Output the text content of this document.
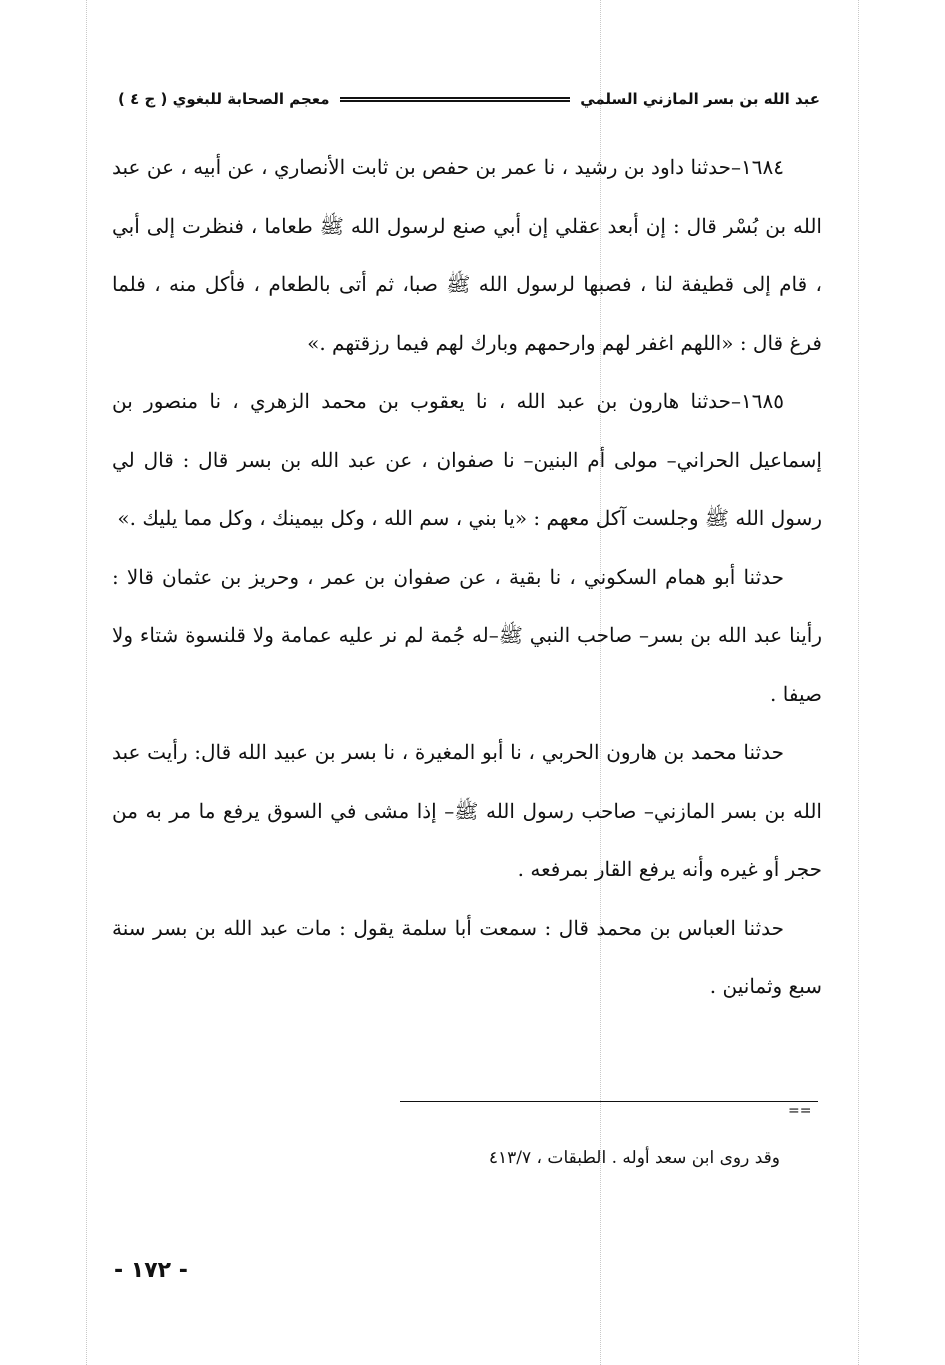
عبد الله بن بسر المازني السلمي
معجم الصحابة للبغوي ( ج ٤ )

١٦٨٤–حدثنا داود بن رشيد ، نا عمر بن حفص بن ثابت الأنصاري ، عن أبيه ، عن عبد الله بن بُسْر قال : إن أبعد عقلي إن أبي صنع لرسول الله ﷺ طعاما ، فنظرت إلى أبي ، قام إلى قطيفة لنا ، فصبها لرسول الله ﷺ صبا، ثم أتى بالطعام ، فأكل منه ، فلما فرغ قال : «اللهم اغفر لهم وارحمهم وبارك لهم فيما رزقتهم .»

١٦٨٥–حدثنا هارون بن عبد الله ، نا يعقوب بن محمد الزهري ، نا منصور بن إسماعيل الحراني– مولى أم البنين– نا صفوان ، عن عبد الله بن بسر قال : قال لي رسول الله ﷺ وجلست آكل معهم : «يا بني ، سم الله ، وكل بيمينك ، وكل مما يليك .»

حدثنا أبو همام السكوني ، نا بقية ، عن صفوان بن عمر ، وحريز بن عثمان قالا : رأينا عبد الله بن بسر– صاحب النبي ﷺ–له جُمة لم نر عليه عمامة ولا قلنسوة شتاء ولا صيفا .

حدثنا محمد بن هارون الحربي ، نا أبو المغيرة ، نا بسر بن عبيد الله قال: رأيت عبد الله بن بسر المازني– صاحب رسول الله ﷺ– إذا مشى في السوق يرفع ما مر به من حجر أو غيره وأنه يرفع القار بمرفعه .

حدثنا العباس بن محمد قال : سمعت أبا سلمة يقول : مات عبد الله بن بسر سنة سبع وثمانين .

==
وقد روى ابن سعد أوله . الطبقات ، ٤١٣/٧
- ١٧٢ -
